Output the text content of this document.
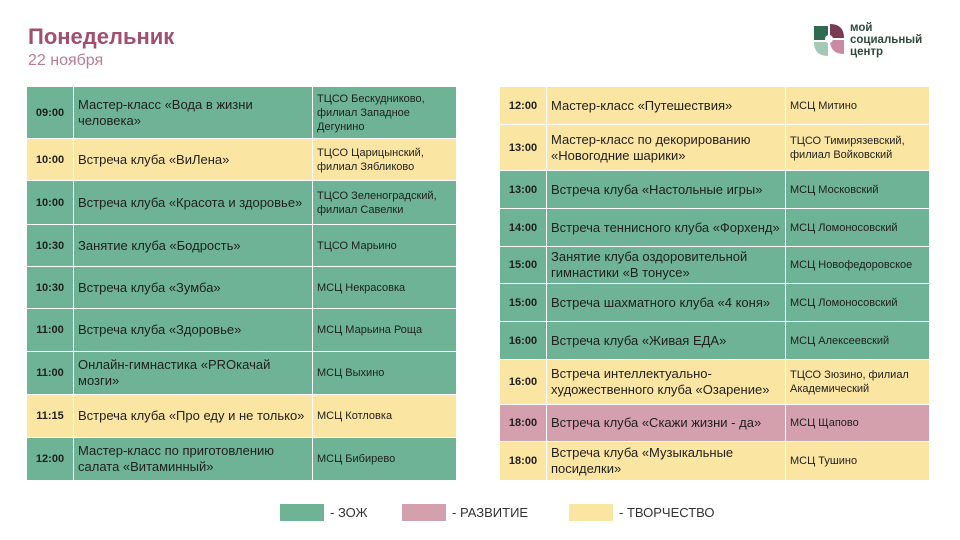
Понедельник
22 ноября
мой
социальный
центр
09:00	Мастер-класс «Вода в жизни человека»	ТЦСО Бескудниково, филиал Западное Дегунино
10:00	Встреча клуба «ВиЛена»	ТЦСО Царицынский, филиал Зябликово
10:00	Встреча клуба «Красота и здоровье»	ТЦСО Зеленоградский, филиал Савелки
10:30	Занятие клуба «Бодрость»	ТЦСО Марьино
10:30	Встреча клуба «Зумба»	МСЦ Некрасовка
11:00	Встреча клуба «Здоровье»	МСЦ Марьина Роща
11:00	Онлайн-гимнастика «PROкачай мозги»	МСЦ Выхино
11:15	Встреча клуба «Про еду и не только»	МСЦ Котловка
12:00	Мастер-класс по приготовлению салата «Витаминный»	МСЦ Бибирево
12:00	Мастер-класс «Путешествия»	МСЦ Митино
13:00	Мастер-класс по декорированию «Новогодние шарики»	ТЦСО Тимирязевский, филиал Войковский
13:00	Встреча клуба «Настольные игры»	МСЦ Московский
14:00	Встреча теннисного клуба «Форхенд»	МСЦ Ломоносовский
15:00	Занятие клуба оздоровительной гимнастики «В тонусе»	МСЦ Новофедоровское
15:00	Встреча шахматного клуба «4 коня»	МСЦ Ломоносовский
16:00	Встреча клуба «Живая ЕДА»	МСЦ Алексеевский
16:00	Встреча интеллектуально-художественного клуба «Озарение»	ТЦСО Зюзино, филиал Академический
18:00	Встреча клуба «Скажи жизни - да»	МСЦ Щапово
18:00	Встреча клуба «Музыкальные посиделки»	МСЦ Тушино
- ЗОЖ	- РАЗВИТИЕ	- ТВОРЧЕСТВО
